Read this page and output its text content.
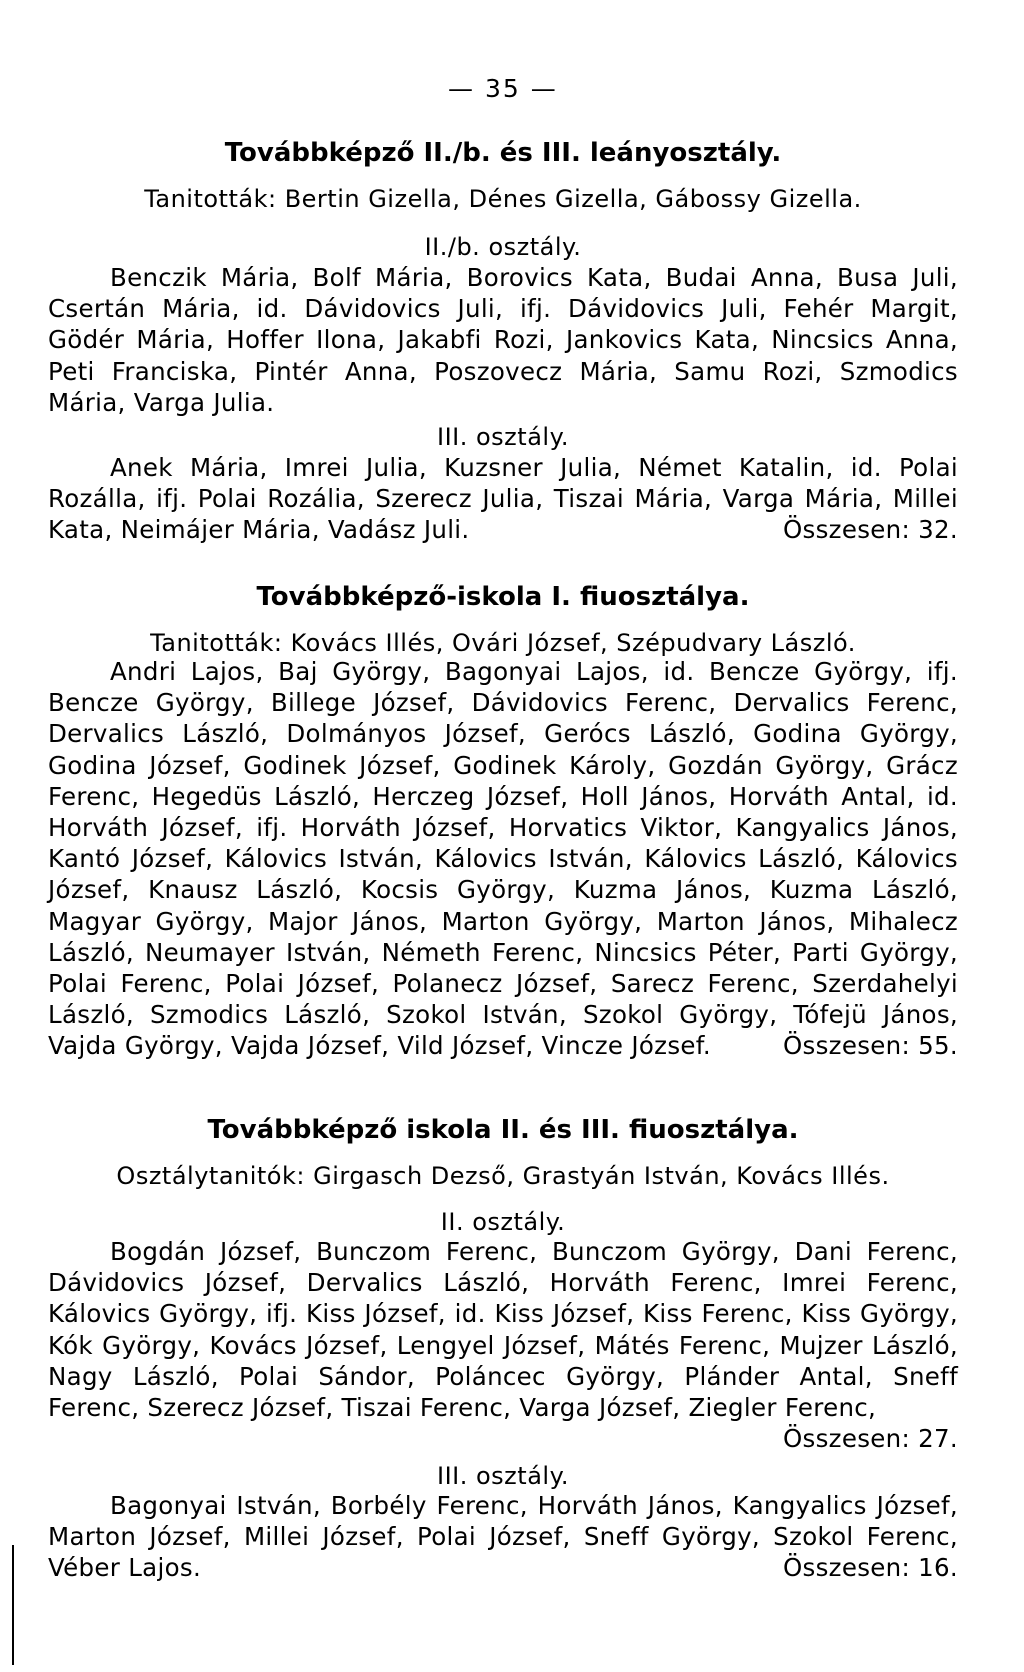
— 35 —
Továbbképző II./b. és III. leányosztály.
Tanitották: Bertin Gizella, Dénes Gizella, Gábossy Gizella.
II./b. osztály.
Benczik Mária, Bolf Mária, Borovics Kata, Budai Anna, Busa Juli, Csertán Mária, id. Dávidovics Juli, ifj. Dávidovics Juli, Fehér Margit, Gödér Mária, Hoffer Ilona, Jakabfi Rozi, Jankovics Kata, Nincsics Anna, Peti Franciska, Pintér Anna, Poszovecz Mária, Samu Rozi, Szmodics Mária, Varga Julia.
III. osztály.
Anek Mária, Imrei Julia, Kuzsner Julia, Német Katalin, id. Polai Rozálla, ifj. Polai Rozália, Szerecz Julia, Tiszai Mária, Varga Mária, Millei Kata, Neimájer Mária, Vadász Juli.	Összesen: 32.
Továbbképző-iskola I. fiuosztálya.
Tanitották: Kovács Illés, Ovári József, Szépudvary László.
Andri Lajos, Baj György, Bagonyai Lajos, id. Bencze György, ifj. Bencze György, Billege József, Dávidovics Ferenc, Dervalics Ferenc, Dervalics László, Dolmányos József, Gerócs László, Godina György, Godina József, Godinek József, Godinek Károly, Gozdán György, Grácz Ferenc, Hegedüs László, Herczeg József, Holl János, Horváth Antal, id. Horváth József, ifj. Horváth József, Horvatics Viktor, Kangyalics János, Kantó József, Kálovics István, Kálovics István, Kálovics László, Kálovics József, Knausz László, Kocsis György, Kuzma János, Kuzma László, Magyar György, Major János, Marton György, Marton János, Mihalecz László, Neumayer István, Németh Ferenc, Nincsics Péter, Parti György, Polai Ferenc, Polai József, Polanecz József, Sarecz Ferenc, Szerdahelyi László, Szmodics László, Szokol István, Szokol György, Tófejü János, Vajda György, Vajda József, Vild József, Vincze József.	Összesen: 55.
Továbbképző iskola II. és III. fiuosztálya.
Osztálytanitók: Girgasch Dezső, Grastyán István, Kovács Illés.
II. osztály.
Bogdán József, Bunczom Ferenc, Bunczom György, Dani Ferenc, Dávidovics József, Dervalics László, Horváth Ferenc, Imrei Ferenc, Kálovics György, ifj. Kiss József, id. Kiss József, Kiss Ferenc, Kiss György, Kók György, Kovács József, Lengyel József, Mátés Ferenc, Mujzer László, Nagy László, Polai Sándor, Poláncec György, Plánder Antal, Sneff Ferenc, Szerecz József, Tiszai Ferenc, Varga József, Ziegler Ferenc,
Összesen: 27.
III. osztály.
Bagonyai István, Borbély Ferenc, Horváth János, Kangyalics József, Marton József, Millei József, Polai József, Sneff György, Szokol Ferenc, Véber Lajos.	Összesen: 16.
